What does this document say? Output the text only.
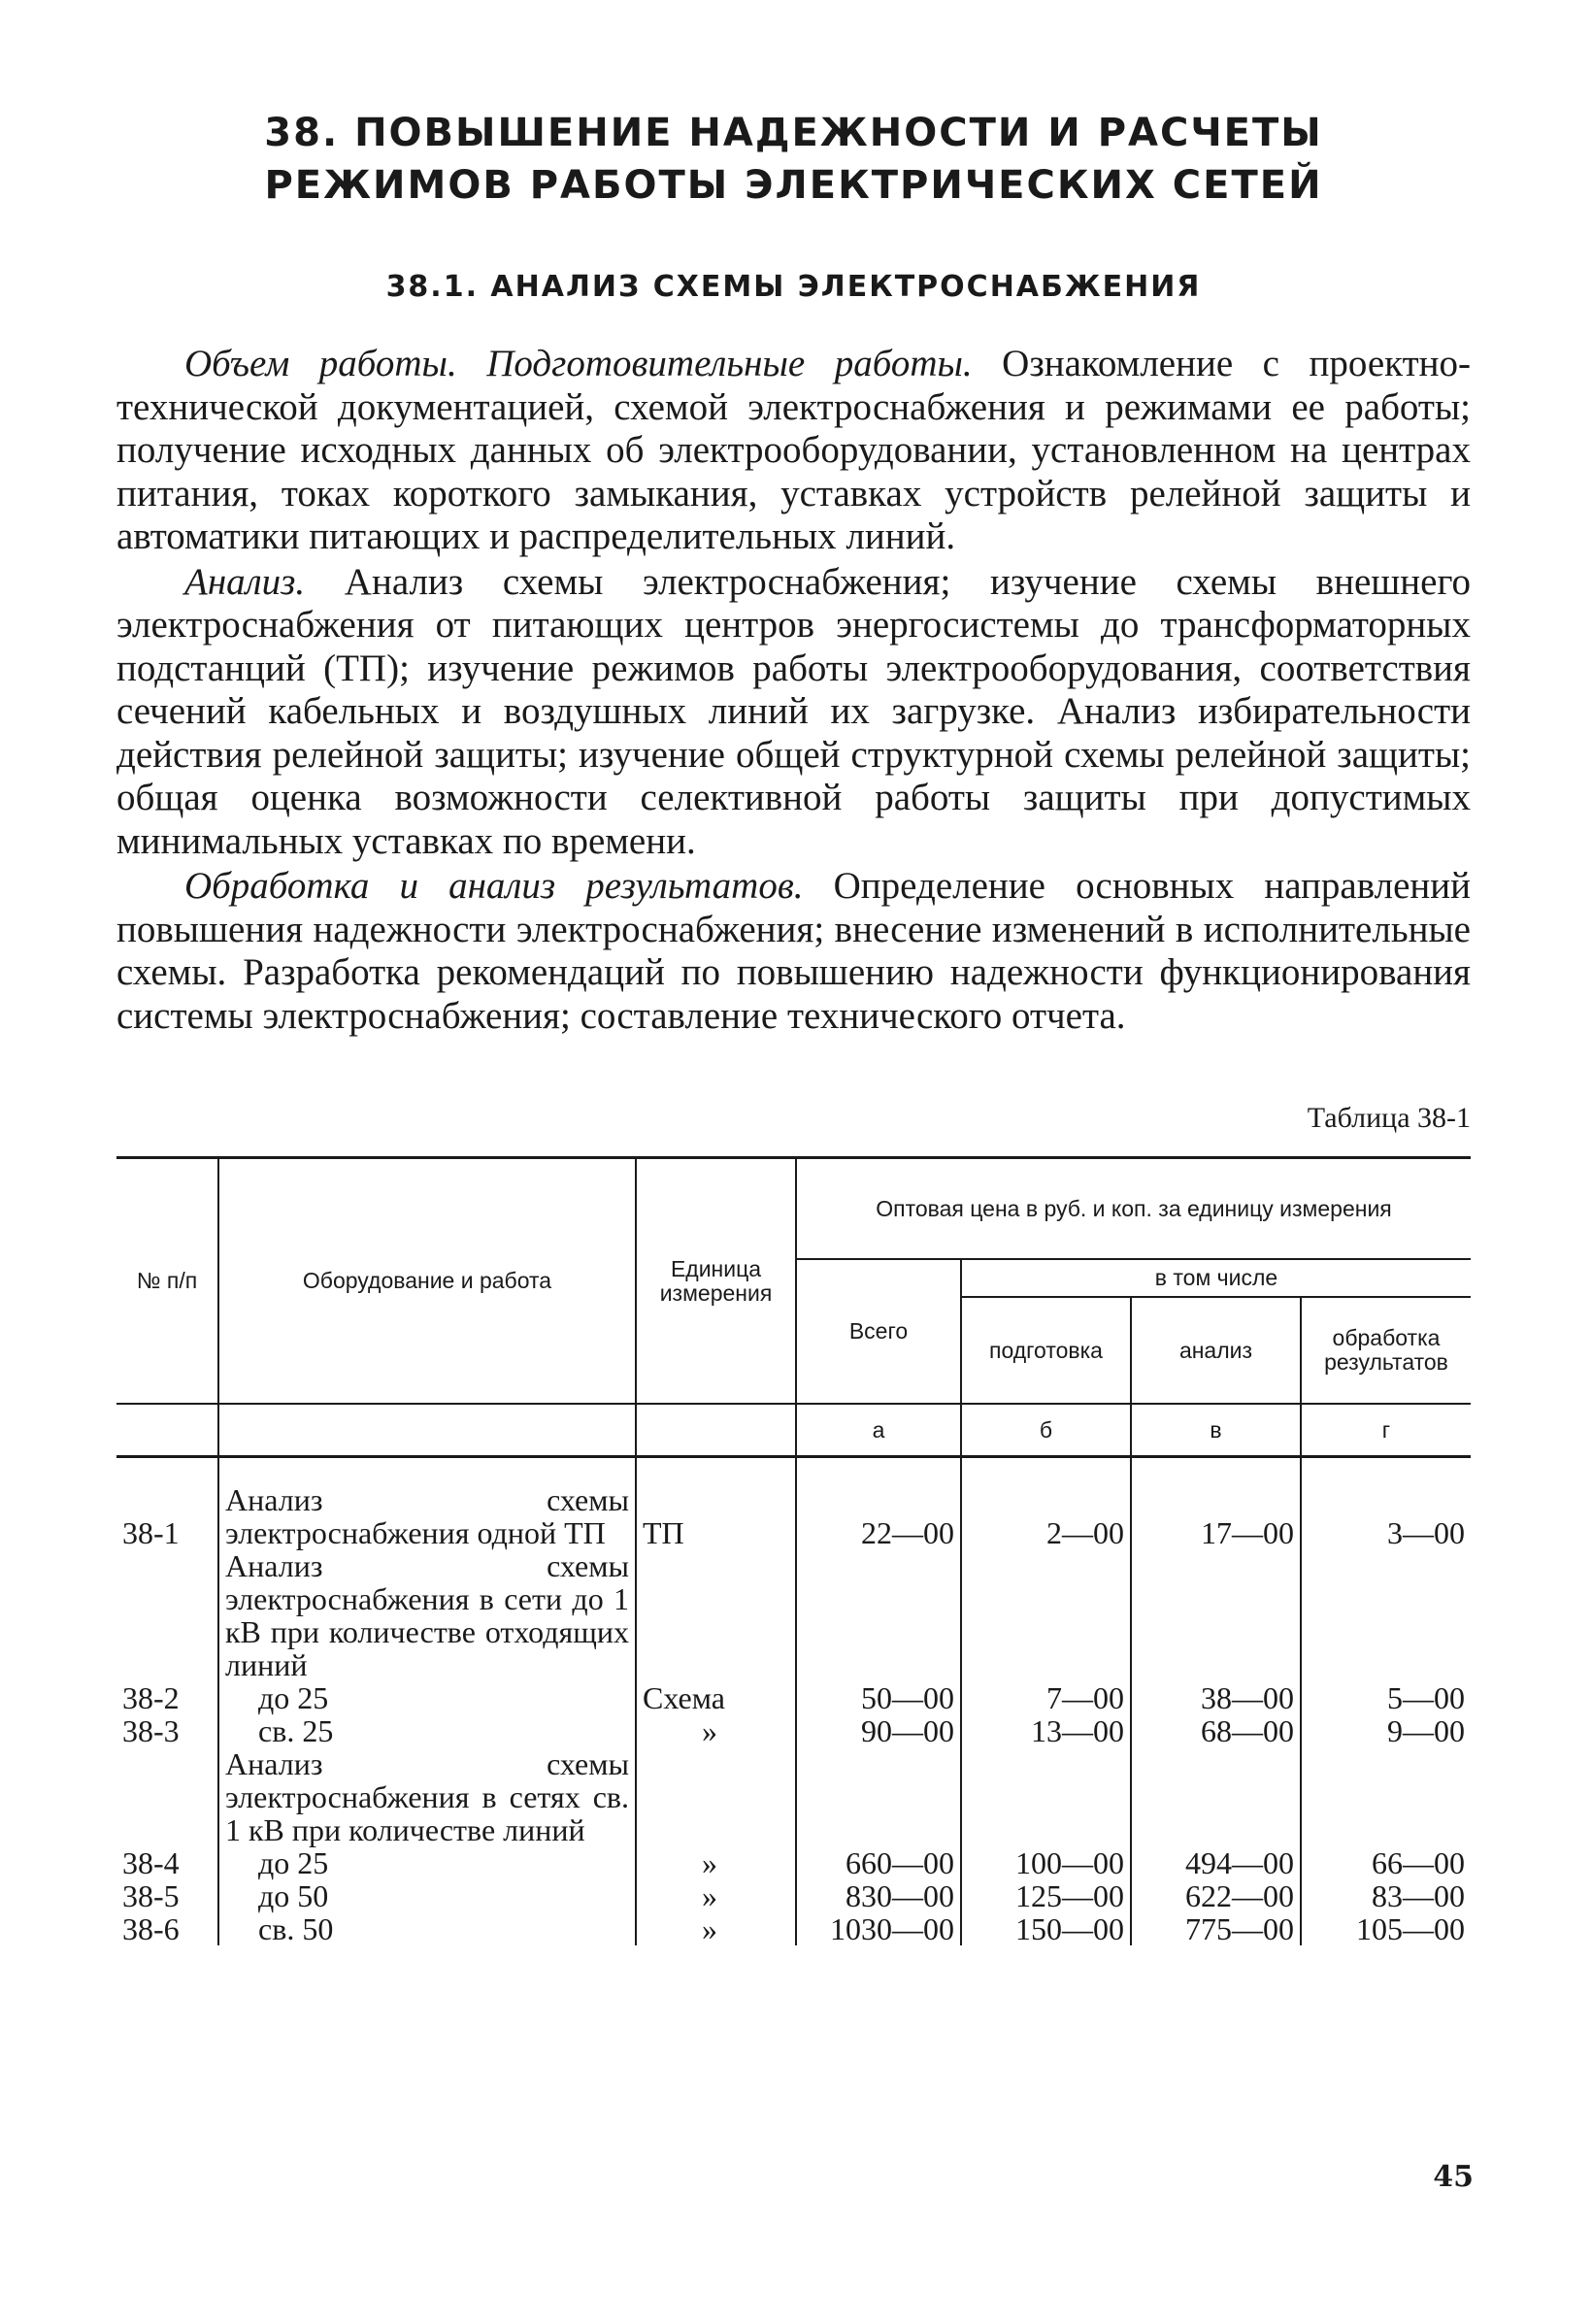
38. ПОВЫШЕНИЕ НАДЕЖНОСТИ И РАСЧЕТЫ
РЕЖИМОВ РАБОТЫ ЭЛЕКТРИЧЕСКИХ СЕТЕЙ
38.1. АНАЛИЗ СХЕМЫ ЭЛЕКТРОСНАБЖЕНИЯ

Объем работы. Подготовительные работы. Ознакомление с проектно-технической документацией, схемой электроснабжения и режимами ее работы; получение исходных данных об электрооборудовании, установленном на центрах питания, токах короткого замыкания, уставках устройств релейной защиты и автоматики питающих и распределительных линий.

Анализ. Анализ схемы электроснабжения; изучение схемы внешнего электроснабжения от питающих центров энергосистемы до трансформаторных подстанций (ТП); изучение режимов работы электрооборудования, соответствия сечений кабельных и воздушных линий их загрузке. Анализ избирательности действия релейной защиты; изучение общей структурной схемы релейной защиты; общая оценка возможности селективной работы защиты при допустимых минимальных уставках по времени.

Обработка и анализ результатов. Определение основных направлений повышения надежности электроснабжения; внесение изменений в исполнительные схемы. Разработка рекомендаций по повышению надежности функционирования системы электроснабжения; составление технического отчета.

Таблица 38-1
№ п/п	Оборудование и работа	Единица измерения	Оптовая цена в руб. и коп. за единицу измерения			
			Всего	в том числе		
				подготовка	анализ	обработка результатов
			а	б	в	г
38-1	Анализ схемы электроснабжения одной ТП	ТП	22—00	2—00	17—00	3—00
	Анализ схемы электроснабжения в сети до 1 кВ при количестве отходящих линий					
38-2	до 25	Схема	50—00	7—00	38—00	5—00
38-3	св. 25	»	90—00	13—00	68—00	9—00
	Анализ схемы электроснабжения в сетях св. 1 кВ при количестве линий					
38-4	до 25	»	660—00	100—00	494—00	66—00
38-5	до 50	»	830—00	125—00	622—00	83—00
38-6	св. 50	»	1030—00	150—00	775—00	105—00
45
